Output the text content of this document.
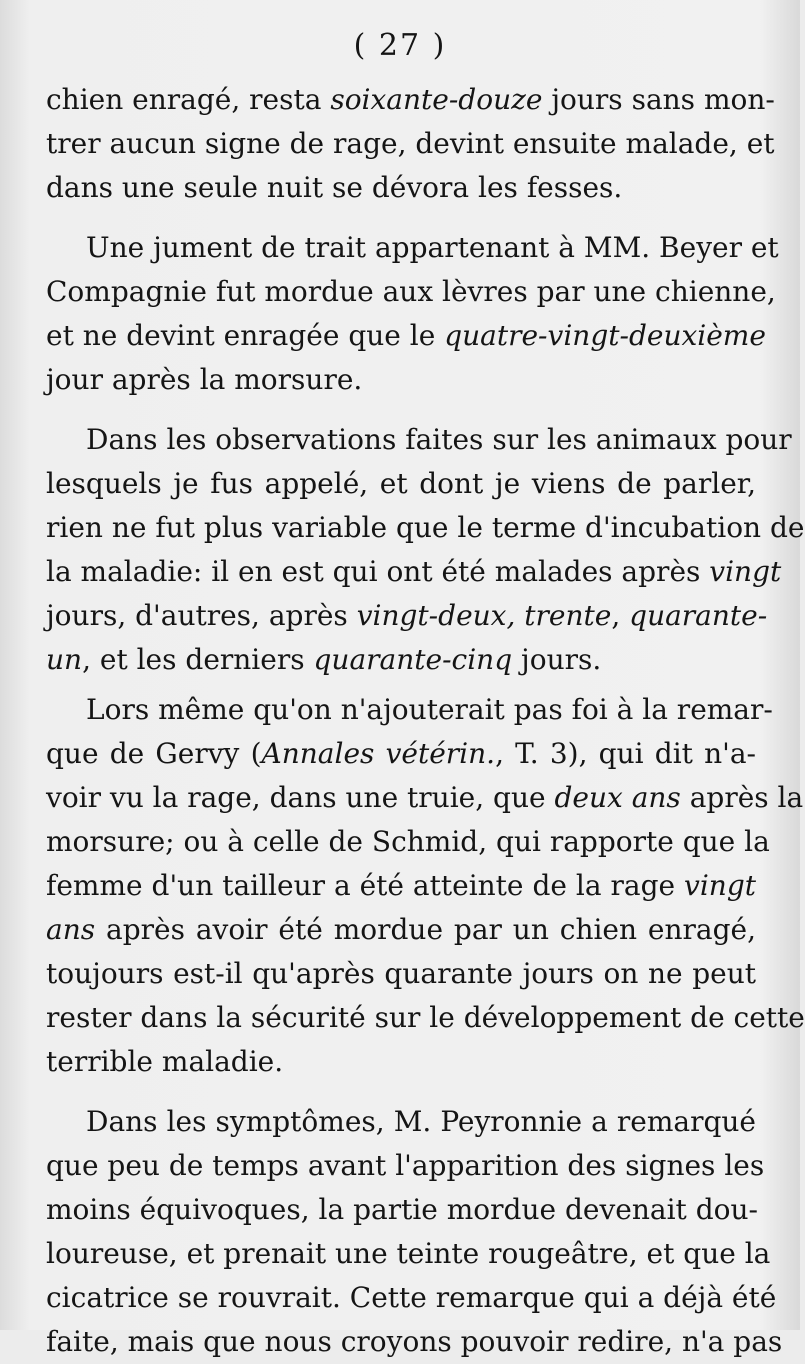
( 27 )
chien enragé, resta soixante-douze jours sans mon-
trer aucun signe de rage, devint ensuite malade, et
dans une seule nuit se dévora les fesses.
Une jument de trait appartenant à MM. Beyer et
Compagnie fut mordue aux lèvres par une chienne,
et ne devint enragée que le quatre-vingt-deuxième
jour après la morsure.
Dans les observations faites sur les animaux pour
lesquels je fus appelé, et dont je viens de parler,
rien ne fut plus variable que le terme d'incubation de
la maladie: il en est qui ont été malades après vingt
jours, d'autres, après vingt-deux, trente, quarante-
un, et les derniers quarante-cinq jours.
Lors même qu'on n'ajouterait pas foi à la remar-
que de Gervy (Annales vétérin., T. 3), qui dit n'a-
voir vu la rage, dans une truie, que deux ans après la
morsure; ou à celle de Schmid, qui rapporte que la
femme d'un tailleur a été atteinte de la rage vingt
ans après avoir été mordue par un chien enragé,
toujours est-il qu'après quarante jours on ne peut
rester dans la sécurité sur le développement de cette
terrible maladie.
Dans les symptômes, M. Peyronnie a remarqué
que peu de temps avant l'apparition des signes les
moins équivoques, la partie mordue devenait dou-
loureuse, et prenait une teinte rougeâtre, et que la
cicatrice se rouvrait. Cette remarque qui a déjà été
faite, mais que nous croyons pouvoir redire, n'a pas
